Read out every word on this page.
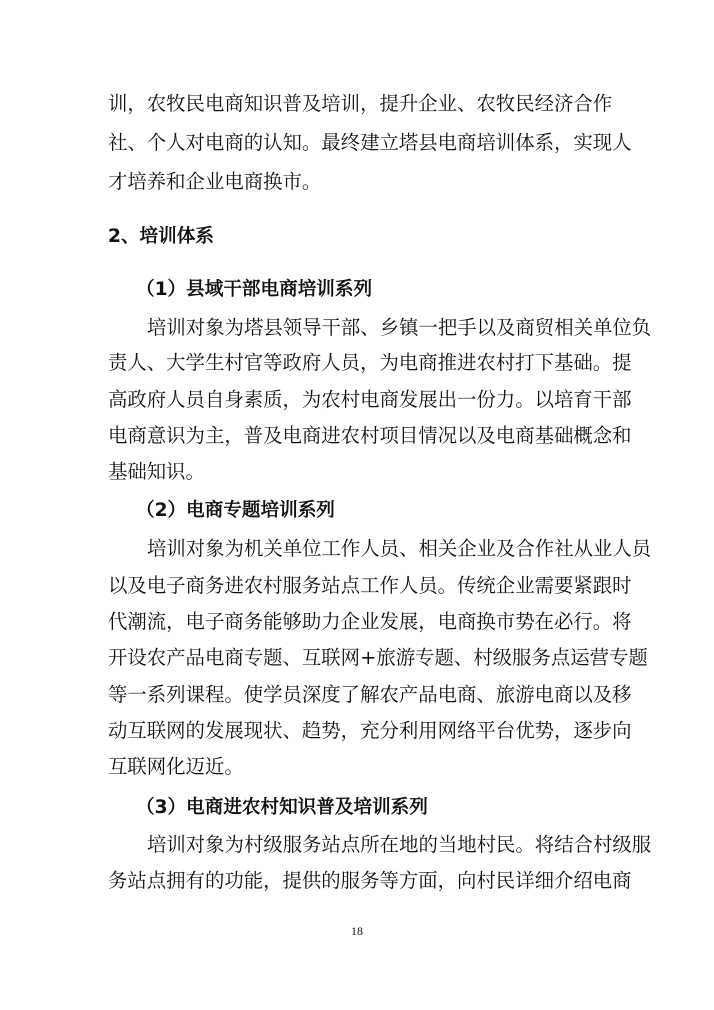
训，农牧民电商知识普及培训，提升企业、农牧民经济合作
社、个人对电商的认知。最终建立塔县电商培训体系，实现人
才培养和企业电商换市。
2、培训体系
（1）县域干部电商培训系列
培训对象为塔县领导干部、乡镇一把手以及商贸相关单位负
责人、大学生村官等政府人员，为电商推进农村打下基础。提
高政府人员自身素质，为农村电商发展出一份力。以培育干部
电商意识为主，普及电商进农村项目情况以及电商基础概念和
基础知识。
（2）电商专题培训系列
培训对象为机关单位工作人员、相关企业及合作社从业人员
以及电子商务进农村服务站点工作人员。传统企业需要紧跟时
代潮流，电子商务能够助力企业发展，电商换市势在必行。将
开设农产品电商专题、互联网+旅游专题、村级服务点运营专题
等一系列课程。使学员深度了解农产品电商、旅游电商以及移
动互联网的发展现状、趋势，充分利用网络平台优势，逐步向
互联网化迈近。
（3）电商进农村知识普及培训系列
培训对象为村级服务站点所在地的当地村民。将结合村级服
务站点拥有的功能，提供的服务等方面，向村民详细介绍电商
18
